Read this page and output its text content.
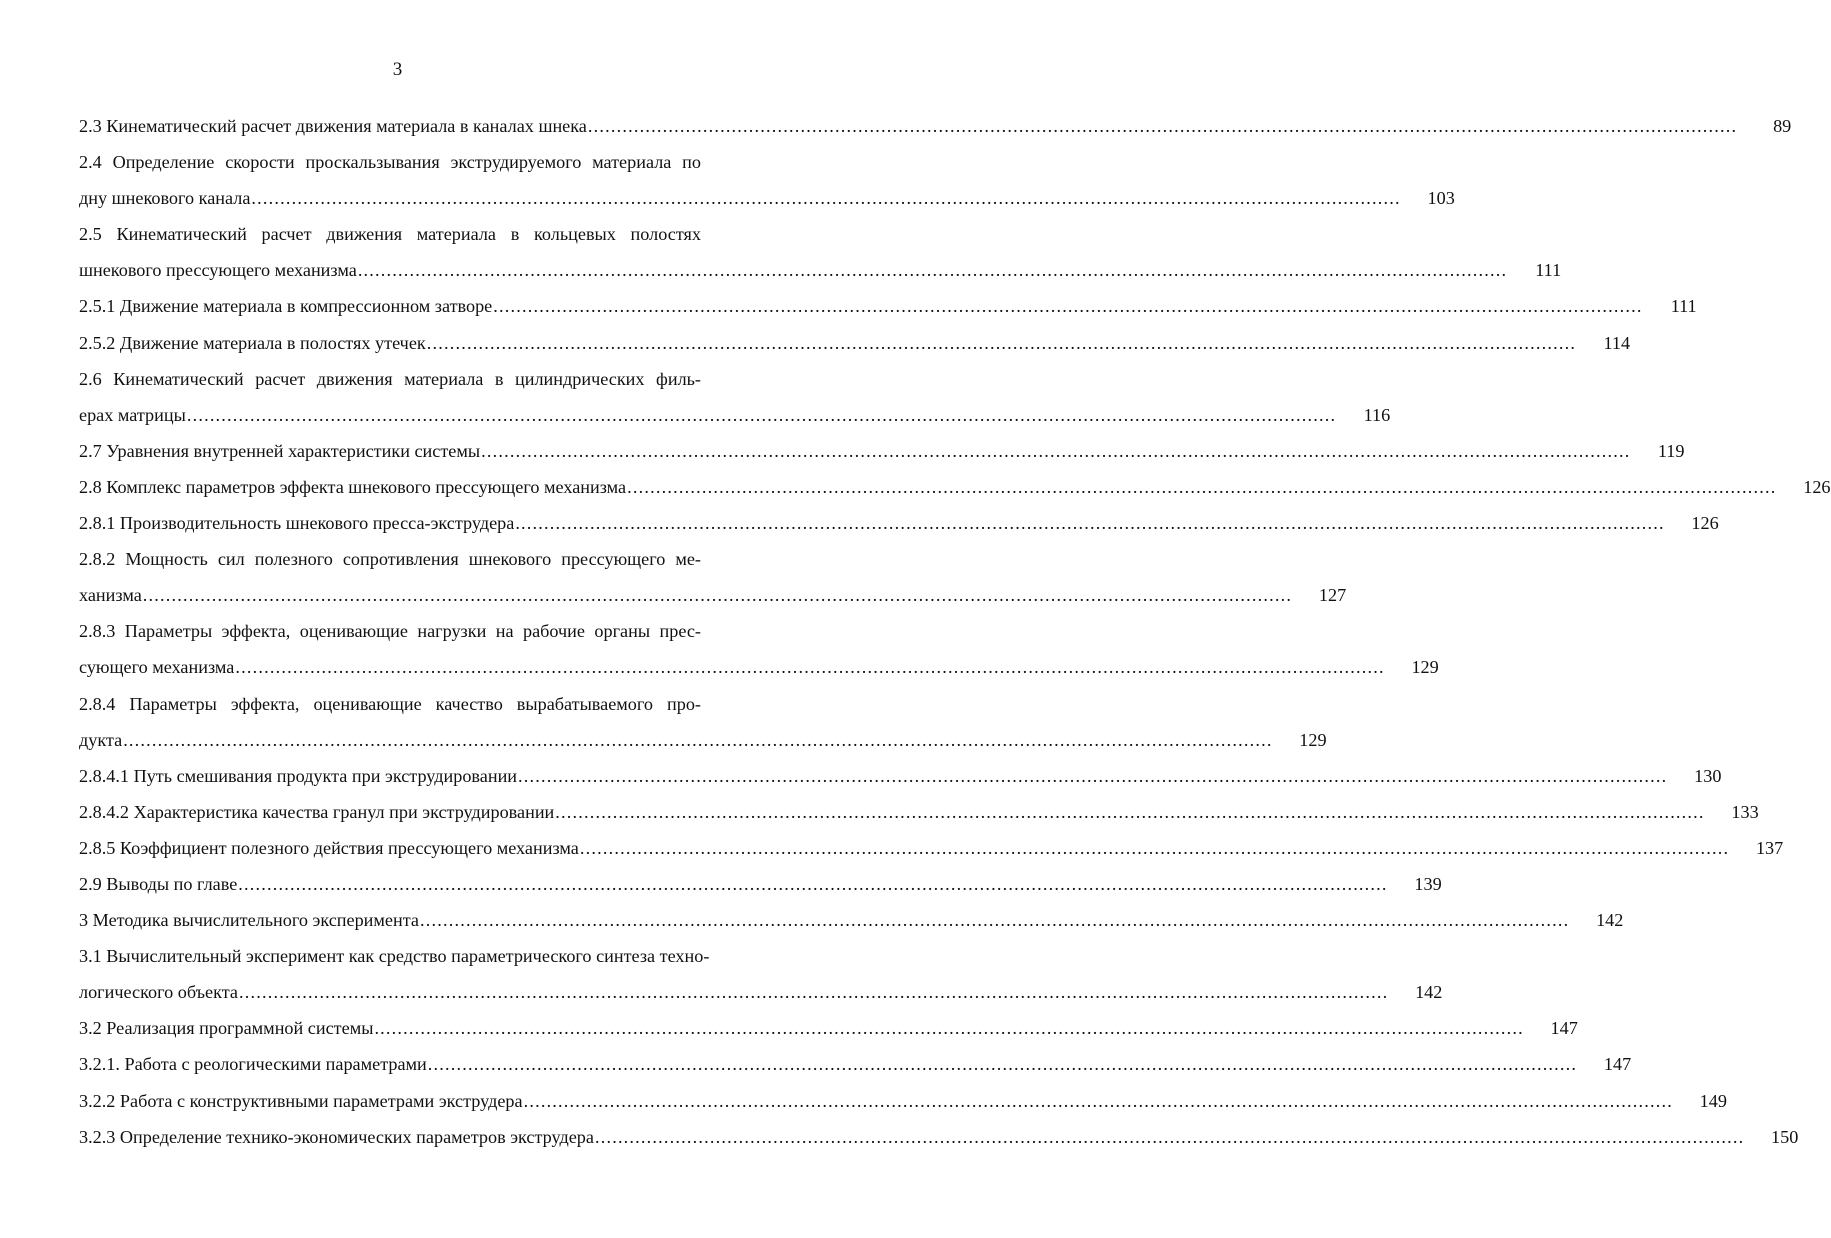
3
2.3 Кинематический расчет движения материала в каналах шнека ........................................................................................................................................................................................................	89
2.4 Определение скорости проскальзывания экструдируемого материала по
дну шнекового канала ........................................................................................................................................................................................................	103
2.5 Кинематический расчет движения материала в кольцевых полостях
шнекового прессующего механизма ........................................................................................................................................................................................................	111
2.5.1 Движение материала в компрессионном затворе ........................................................................................................................................................................................................	111
2.5.2 Движение материала в полостях утечек ........................................................................................................................................................................................................	114
2.6 Кинематический расчет движения материала в цилиндрических филь-
ерах матрицы ........................................................................................................................................................................................................	116
2.7 Уравнения внутренней характеристики системы ........................................................................................................................................................................................................	119
2.8 Комплекс параметров эффекта шнекового прессующего механизма ........................................................................................................................................................................................................	126
2.8.1 Производительность шнекового пресса-экструдера ........................................................................................................................................................................................................	126
2.8.2 Мощность сил полезного сопротивления шнекового прессующего ме-
ханизма ........................................................................................................................................................................................................	127
2.8.3 Параметры эффекта, оценивающие нагрузки на рабочие органы прес-
сующего механизма ........................................................................................................................................................................................................	129
2.8.4 Параметры эффекта, оценивающие качество вырабатываемого про-
дукта ........................................................................................................................................................................................................	129
2.8.4.1 Путь смешивания продукта при экструдировании ........................................................................................................................................................................................................	130
2.8.4.2 Характеристика качества гранул при экструдировании ........................................................................................................................................................................................................	133
2.8.5 Коэффициент полезного действия прессующего механизма ........................................................................................................................................................................................................	137
2.9 Выводы по главе ........................................................................................................................................................................................................	139
3 Методика вычислительного эксперимента ........................................................................................................................................................................................................	142
3.1 Вычислительный эксперимент как средство параметрического синтеза техно-
логического объекта ........................................................................................................................................................................................................	142
3.2 Реализация программной системы ........................................................................................................................................................................................................	147
3.2.1. Работа с реологическими параметрами ........................................................................................................................................................................................................	147
3.2.2 Работа с конструктивными параметрами экструдера ........................................................................................................................................................................................................	149
3.2.3 Определение технико-экономических параметров экструдера ........................................................................................................................................................................................................	150
